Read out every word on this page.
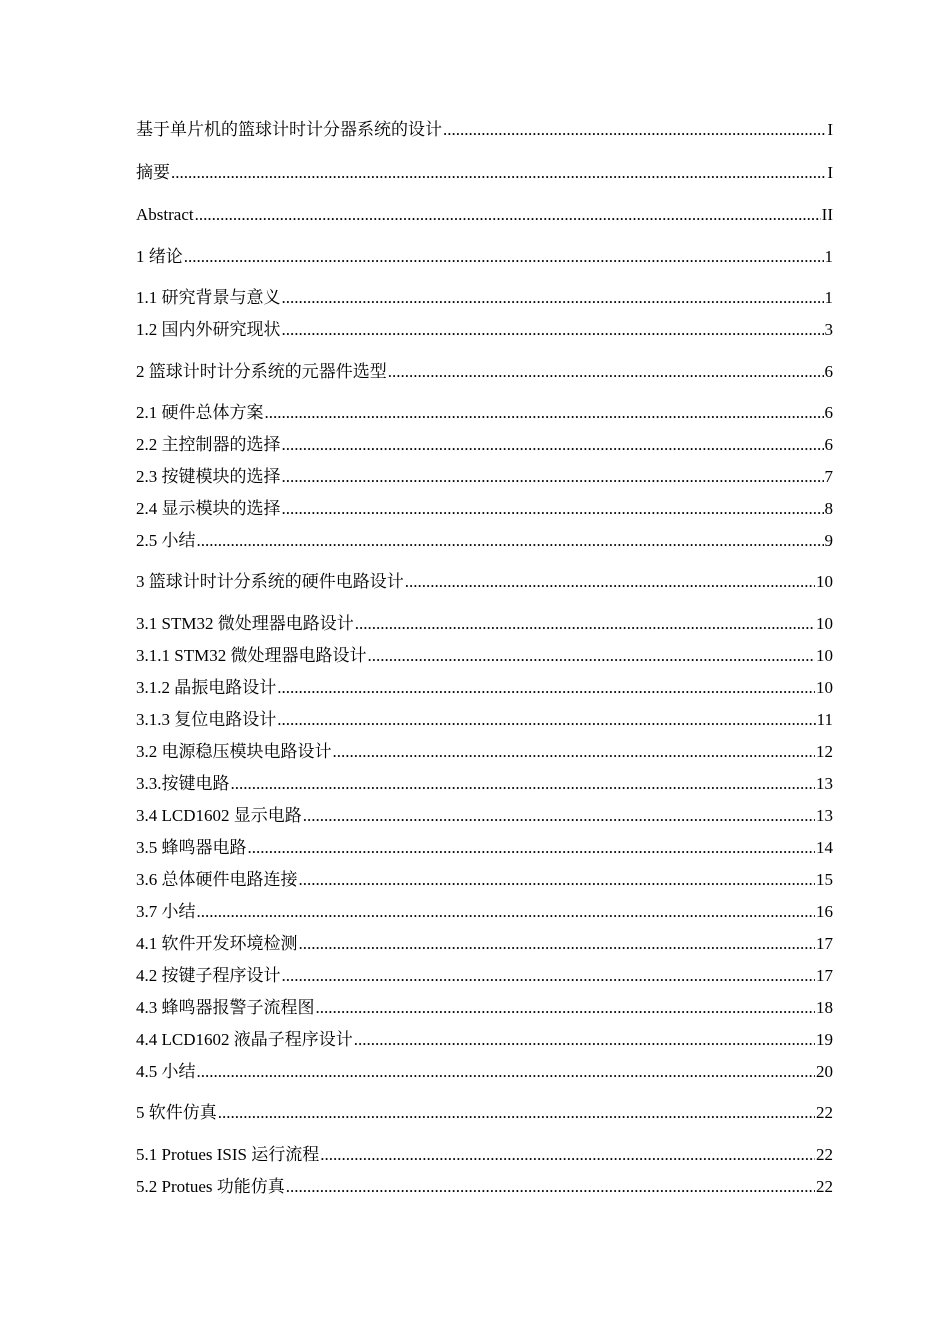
基于单片机的篮球计时计分器系统的设计 .....	I
摘要 .....	I
Abstract .....	II
1 绪论 .....	1
1.1 研究背景与意义 .....	1
1.2 国内外研究现状 .....	3
2 篮球计时计分系统的元器件选型 .....	6
2.1 硬件总体方案 .....	6
2.2 主控制器的选择 .....	6
2.3 按键模块的选择 .....	7
2.4 显示模块的选择 .....	8
2.5 小结 .....	9
3 篮球计时计分系统的硬件电路设计 .....	10
3.1 STM32 微处理器电路设计 .....	10
3.1.1 STM32 微处理器电路设计 .....	10
3.1.2 晶振电路设计 .....	10
3.1.3 复位电路设计 .....	11
3.2 电源稳压模块电路设计 .....	12
3.3.按键电路 .....	13
3.4 LCD1602 显示电路 .....	13
3.5 蜂鸣器电路 .....	14
3.6 总体硬件电路连接 .....	15
3.7 小结 .....	16
4.1 软件开发环境检测 .....	17
4.2 按键子程序设计 .....	17
4.3 蜂鸣器报警子流程图 .....	18
4.4 LCD1602 液晶子程序设计 .....	19
4.5 小结 .....	20
5 软件仿真 .....	22
5.1 Protues ISIS 运行流程 .....	22
5.2 Protues 功能仿真 .....	22
